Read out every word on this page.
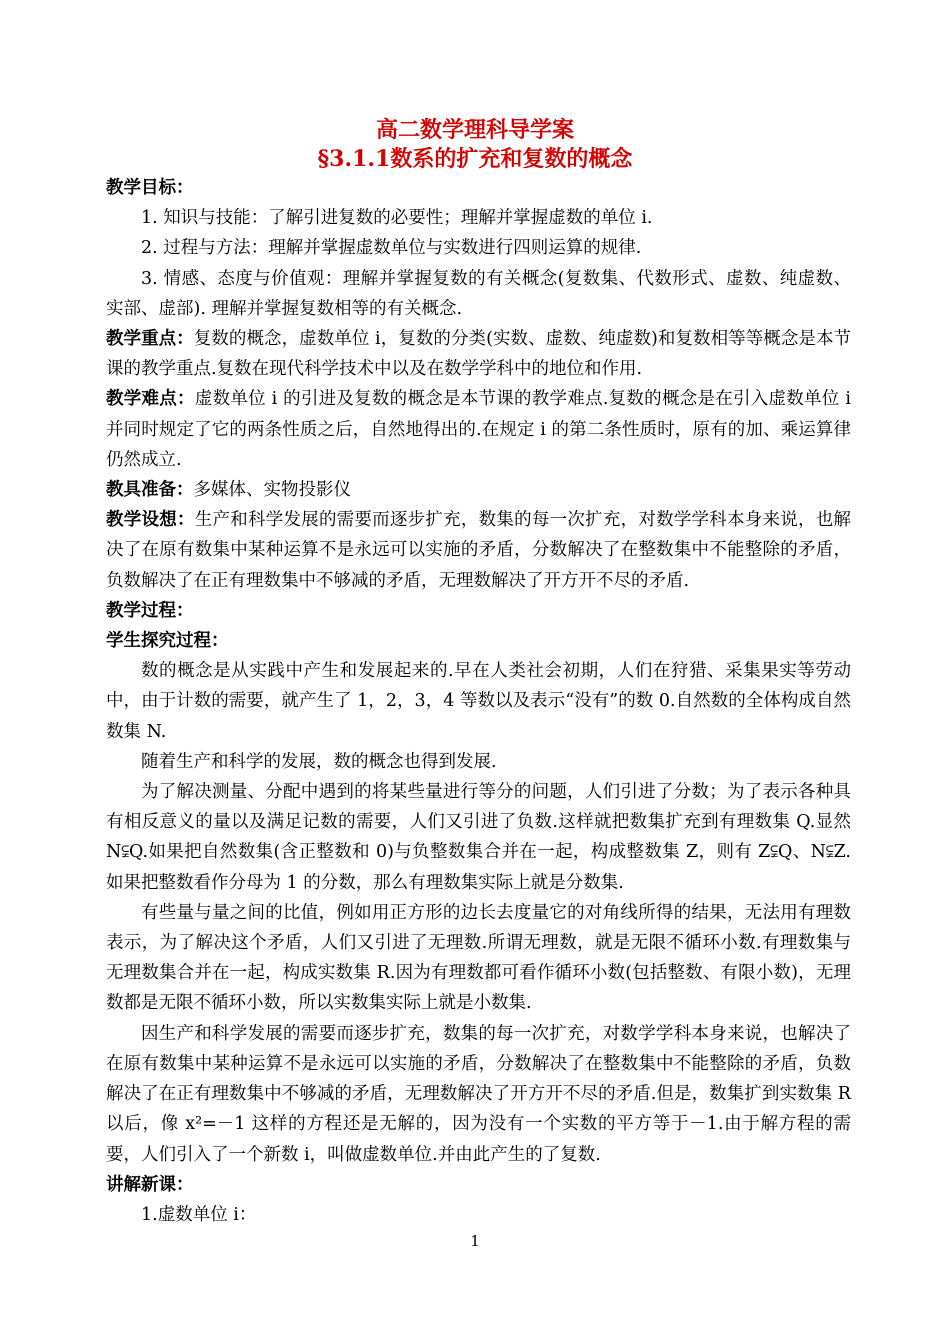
高二数学理科导学案
§3.1.1数系的扩充和复数的概念

教学目标：

1. 知识与技能：了解引进复数的必要性；理解并掌握虚数的单位 i.

2. 过程与方法：理解并掌握虚数单位与实数进行四则运算的规律.

3. 情感、态度与价值观：理解并掌握复数的有关概念(复数集、代数形式、虚数、纯虚数、实部、虚部). 理解并掌握复数相等的有关概念.

教学重点：复数的概念，虚数单位 i，复数的分类(实数、虚数、纯虚数)和复数相等等概念是本节课的教学重点.复数在现代科学技术中以及在数学学科中的地位和作用.

教学难点：虚数单位 i 的引进及复数的概念是本节课的教学难点.复数的概念是在引入虚数单位 i 并同时规定了它的两条性质之后，自然地得出的.在规定 i 的第二条性质时，原有的加、乘运算律仍然成立.

教具准备：多媒体、实物投影仪

教学设想：生产和科学发展的需要而逐步扩充，数集的每一次扩充，对数学学科本身来说，也解决了在原有数集中某种运算不是永远可以实施的矛盾，分数解决了在整数集中不能整除的矛盾，负数解决了在正有理数集中不够减的矛盾，无理数解决了开方开不尽的矛盾.

教学过程：

学生探究过程：

数的概念是从实践中产生和发展起来的.早在人类社会初期，人们在狩猎、采集果实等劳动中，由于计数的需要，就产生了 1，2，3，4 等数以及表示“没有”的数 0.自然数的全体构成自然数集 N.

随着生产和科学的发展，数的概念也得到发展.

为了解决测量、分配中遇到的将某些量进行等分的问题，人们引进了分数；为了表示各种具有相反意义的量以及满足记数的需要，人们又引进了负数.这样就把数集扩充到有理数集 Q.显然 N⫋Q.如果把自然数集(含正整数和 0)与负整数集合并在一起，构成整数集 Z，则有 Z⫋Q、N⫋Z.如果把整数看作分母为 1 的分数，那么有理数集实际上就是分数集.

有些量与量之间的比值，例如用正方形的边长去度量它的对角线所得的结果，无法用有理数表示，为了解决这个矛盾，人们又引进了无理数.所谓无理数，就是无限不循环小数.有理数集与无理数集合并在一起，构成实数集 R.因为有理数都可看作循环小数(包括整数、有限小数)，无理数都是无限不循环小数，所以实数集实际上就是小数集.

因生产和科学发展的需要而逐步扩充，数集的每一次扩充，对数学学科本身来说，也解决了在原有数集中某种运算不是永远可以实施的矛盾，分数解决了在整数集中不能整除的矛盾，负数解决了在正有理数集中不够减的矛盾，无理数解决了开方开不尽的矛盾.但是，数集扩到实数集 R 以后，像 x²=－1 这样的方程还是无解的，因为没有一个实数的平方等于－1.由于解方程的需要，人们引入了一个新数 i，叫做虚数单位.并由此产生的了复数.

讲解新课：

1.虚数单位 i：

1
